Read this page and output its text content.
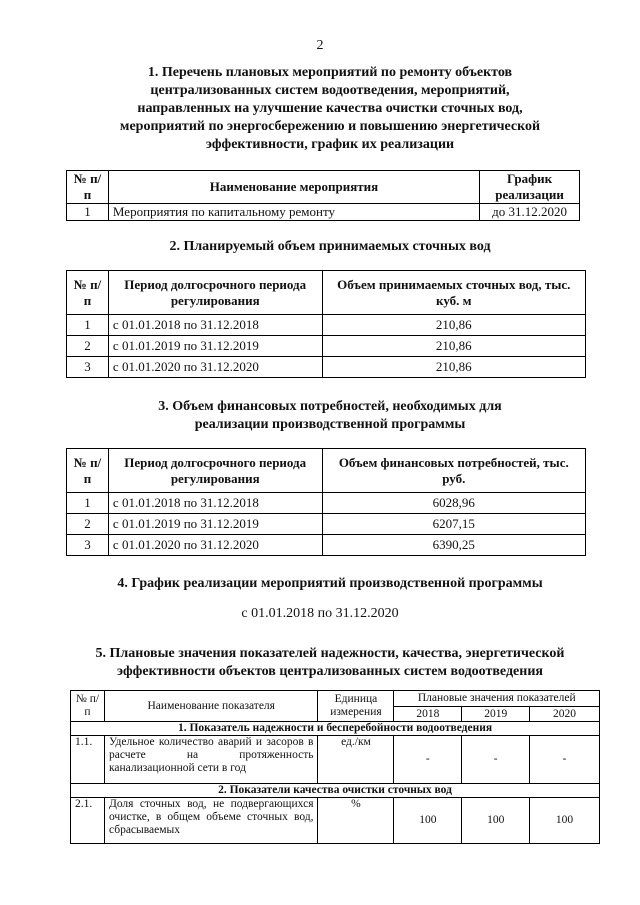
2
1. Перечень плановых мероприятий по ремонту объектов
централизованных систем водоотведения, мероприятий,
направленных на улучшение качества очистки сточных вод,
мероприятий по энергосбережению и повышению энергетической
эффективности, график их реализации
№ п/п	Наименование мероприятия	График реализации
1	Мероприятия по капитальному ремонту	до 31.12.2020
2. Планируемый объем принимаемых сточных вод
№ п/п	Период долгосрочного периода регулирования	Объем принимаемых сточных вод, тыс. куб. м
1	с 01.01.2018 по 31.12.2018	210,86
2	с 01.01.2019 по 31.12.2019	210,86
3	с 01.01.2020 по 31.12.2020	210,86
3. Объем финансовых потребностей, необходимых для
реализации производственной программы
№ п/п	Период долгосрочного периода регулирования	Объем финансовых потребностей, тыс. руб.
1	с 01.01.2018 по 31.12.2018	6028,96
2	с 01.01.2019 по 31.12.2019	6207,15
3	с 01.01.2020 по 31.12.2020	6390,25
4. График реализации мероприятий производственной программы
с 01.01.2018 по 31.12.2020
5. Плановые значения показателей надежности, качества, энергетической
эффективности объектов централизованных систем водоотведения
№ п/п	Наименование показателя	Единица измерения	Плановые значения показателей		
			2018	2019	2020
1. Показатель надежности и бесперебойности водоотведения					
1.1.	Удельное количество аварий и засоров в расчете на протяженность канализационной сети в год	ед./км	-	-	-
2. Показатели качества очистки сточных вод					
2.1.	Доля сточных вод, не подвергающихся очистке, в общем объеме сточных вод, сбрасываемых	%	100	100	100
